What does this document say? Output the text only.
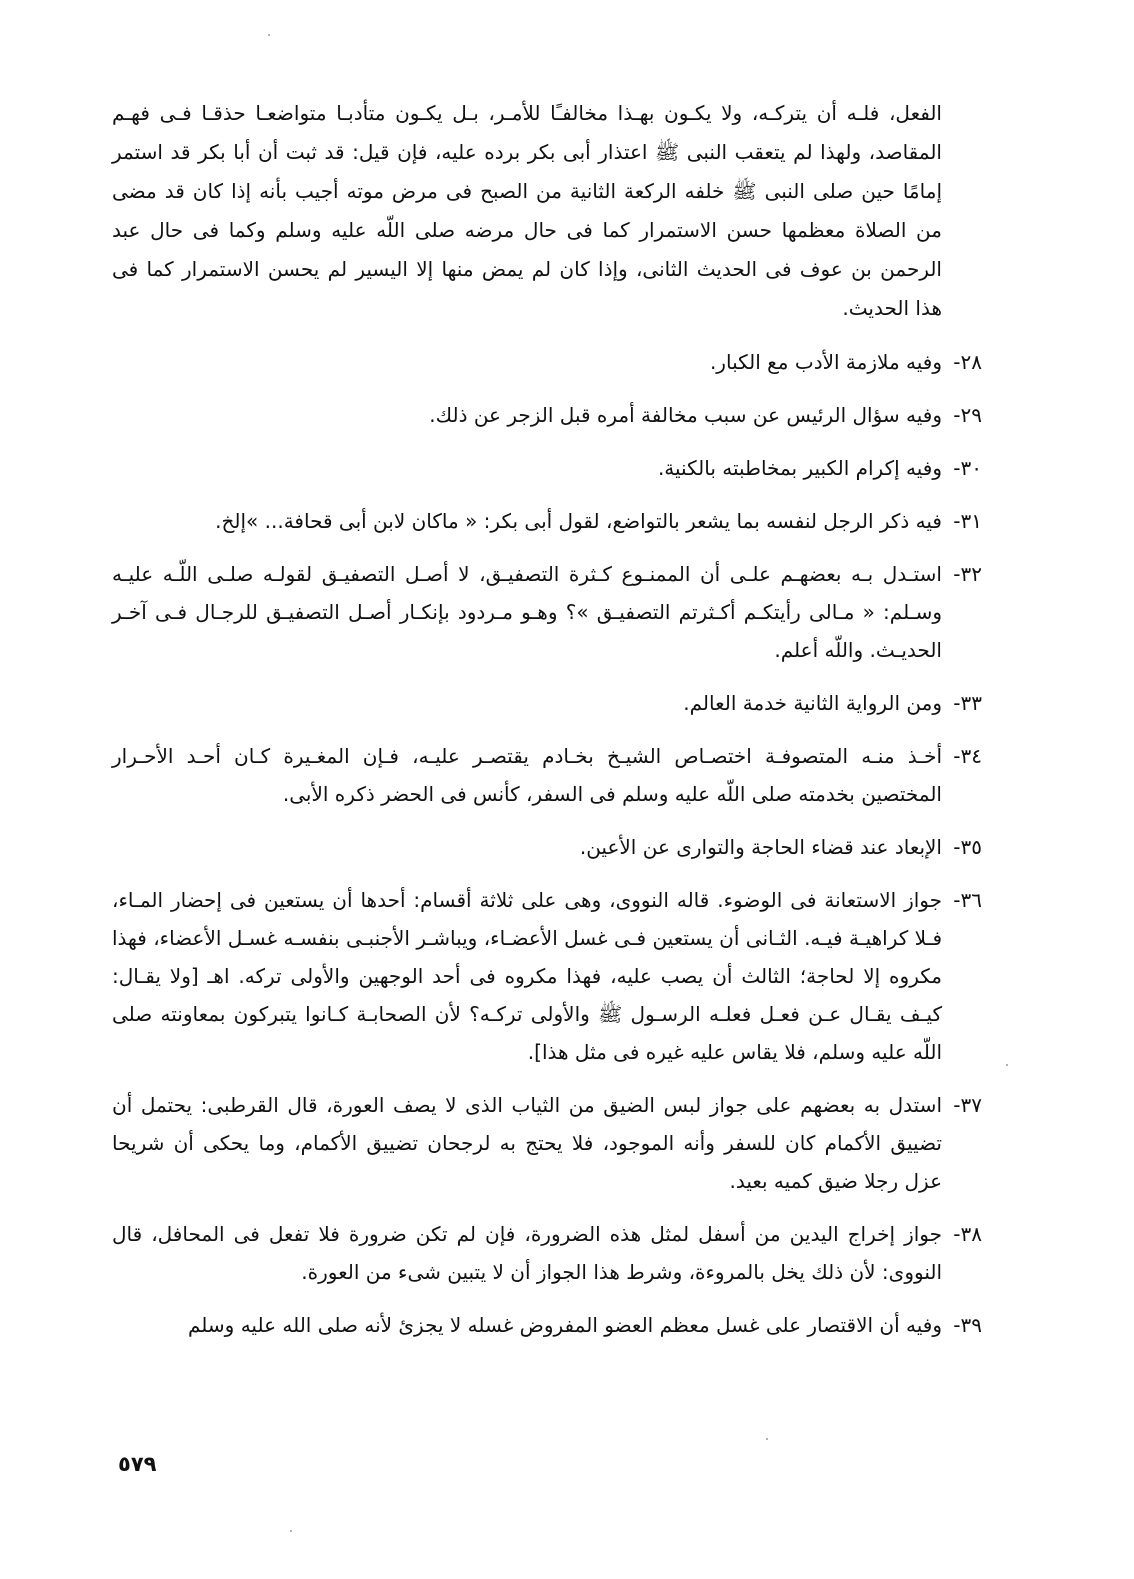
الفعل، فلـه أن يتركـه، ولا يكـون بهـذا مخالفـًا للأمـر، بـل يكـون متأدبـا متواضعـا حذقـا فـى فهـم المقاصد، ولهذا لم يتعقب النبى ﷺ اعتذار أبى بكر برده عليه، فإن قيل: قد ثبت أن أبا بكر قد استمر إمامًا حين صلى النبى ﷺ خلفه الركعة الثانية من الصبح فى مرض موته أجيب بأنه إذا كان قد مضى من الصلاة معظمها حسن الاستمرار كما فى حال مرضه صلى اللّه عليه وسلم وكما فى حال عبد الرحمن بن عوف فى الحديث الثانى، وإذا كان لم يمض منها إلا اليسير لم يحسن الاستمرار كما فى هذا الحديث.

٢٨-
وفيه ملازمة الأدب مع الكبار.
٢٩-
وفيه سؤال الرئيس عن سبب مخالفة أمره قبل الزجر عن ذلك.
٣٠-
وفيه إكرام الكبير بمخاطبته بالكنية.
٣١-
فيه ذكر الرجل لنفسه بما يشعر بالتواضع، لقول أبى بكر: « ماكان لابن أبى قحافة... »إلخ.
٣٢-
استـدل بـه بعضهـم علـى أن الممنـوع كـثرة التصفيـق، لا أصـل التصفيـق لقولـه صلـى اللّـه عليـه وسـلم: « مـالى رأيتكـم أكـثرتم التصفيـق »؟ وهـو مـردود بإنكـار أصـل التصفيـق للرجـال فـى آخـر الحديـث. واللّه أعلم.
٣٣-
ومن الرواية الثانية خدمة العالم.
٣٤-
أخـذ منـه المتصوفـة اختصـاص الشيـخ بخـادم يقتصـر عليـه، فـإن المغـيرة كـان أحـد الأحـرار المختصين بخدمته صلى اللّه عليه وسلم فى السفر، كأنس فى الحضر ذكره الأبى.
٣٥-
الإبعاد عند قضاء الحاجة والتوارى عن الأعين.
٣٦-
جواز الاستعانة فى الوضوء. قاله النووى، وهى على ثلاثة أقسام: أحدها أن يستعين فى إحضار المـاء، فـلا كراهيـة فيـه. الثـانى أن يستعين فـى غسل الأعضـاء، ويباشـر الأجنبـى بنفسـه غسـل الأعضاء، فهذا مكروه إلا لحاجة؛ الثالث أن يصب عليه، فهذا مكروه فى أحد الوجهين والأولى تركه. اهـ [ولا يقـال: كيـف يقـال عـن فعـل فعلـه الرسـول ﷺ والأولى تركـه؟ لأن الصحابـة كـانوا يتبركون بمعاونته صلى اللّه عليه وسلم، فلا يقاس عليه غيره فى مثل هذا].
٣٧-
استدل به بعضهم على جواز لبس الضيق من الثياب الذى لا يصف العورة، قال القرطبى: يحتمل أن تضييق الأكمام كان للسفر وأنه الموجود، فلا يحتج به لرجحان تضييق الأكمام، وما يحكى أن شريحا عزل رجلا ضيق كميه بعيد.
٣٨-
جواز إخراج اليدين من أسفل لمثل هذه الضرورة، فإن لم تكن ضرورة فلا تفعل فى المحافل، قال النووى: لأن ذلك يخل بالمروءة، وشرط هذا الجواز أن لا يتبين شىء من العورة.
٣٩-
وفيه أن الاقتصار على غسل معظم العضو المفروض غسله لا يجزئ لأنه صلى الله عليه وسلم
٥٧٩
